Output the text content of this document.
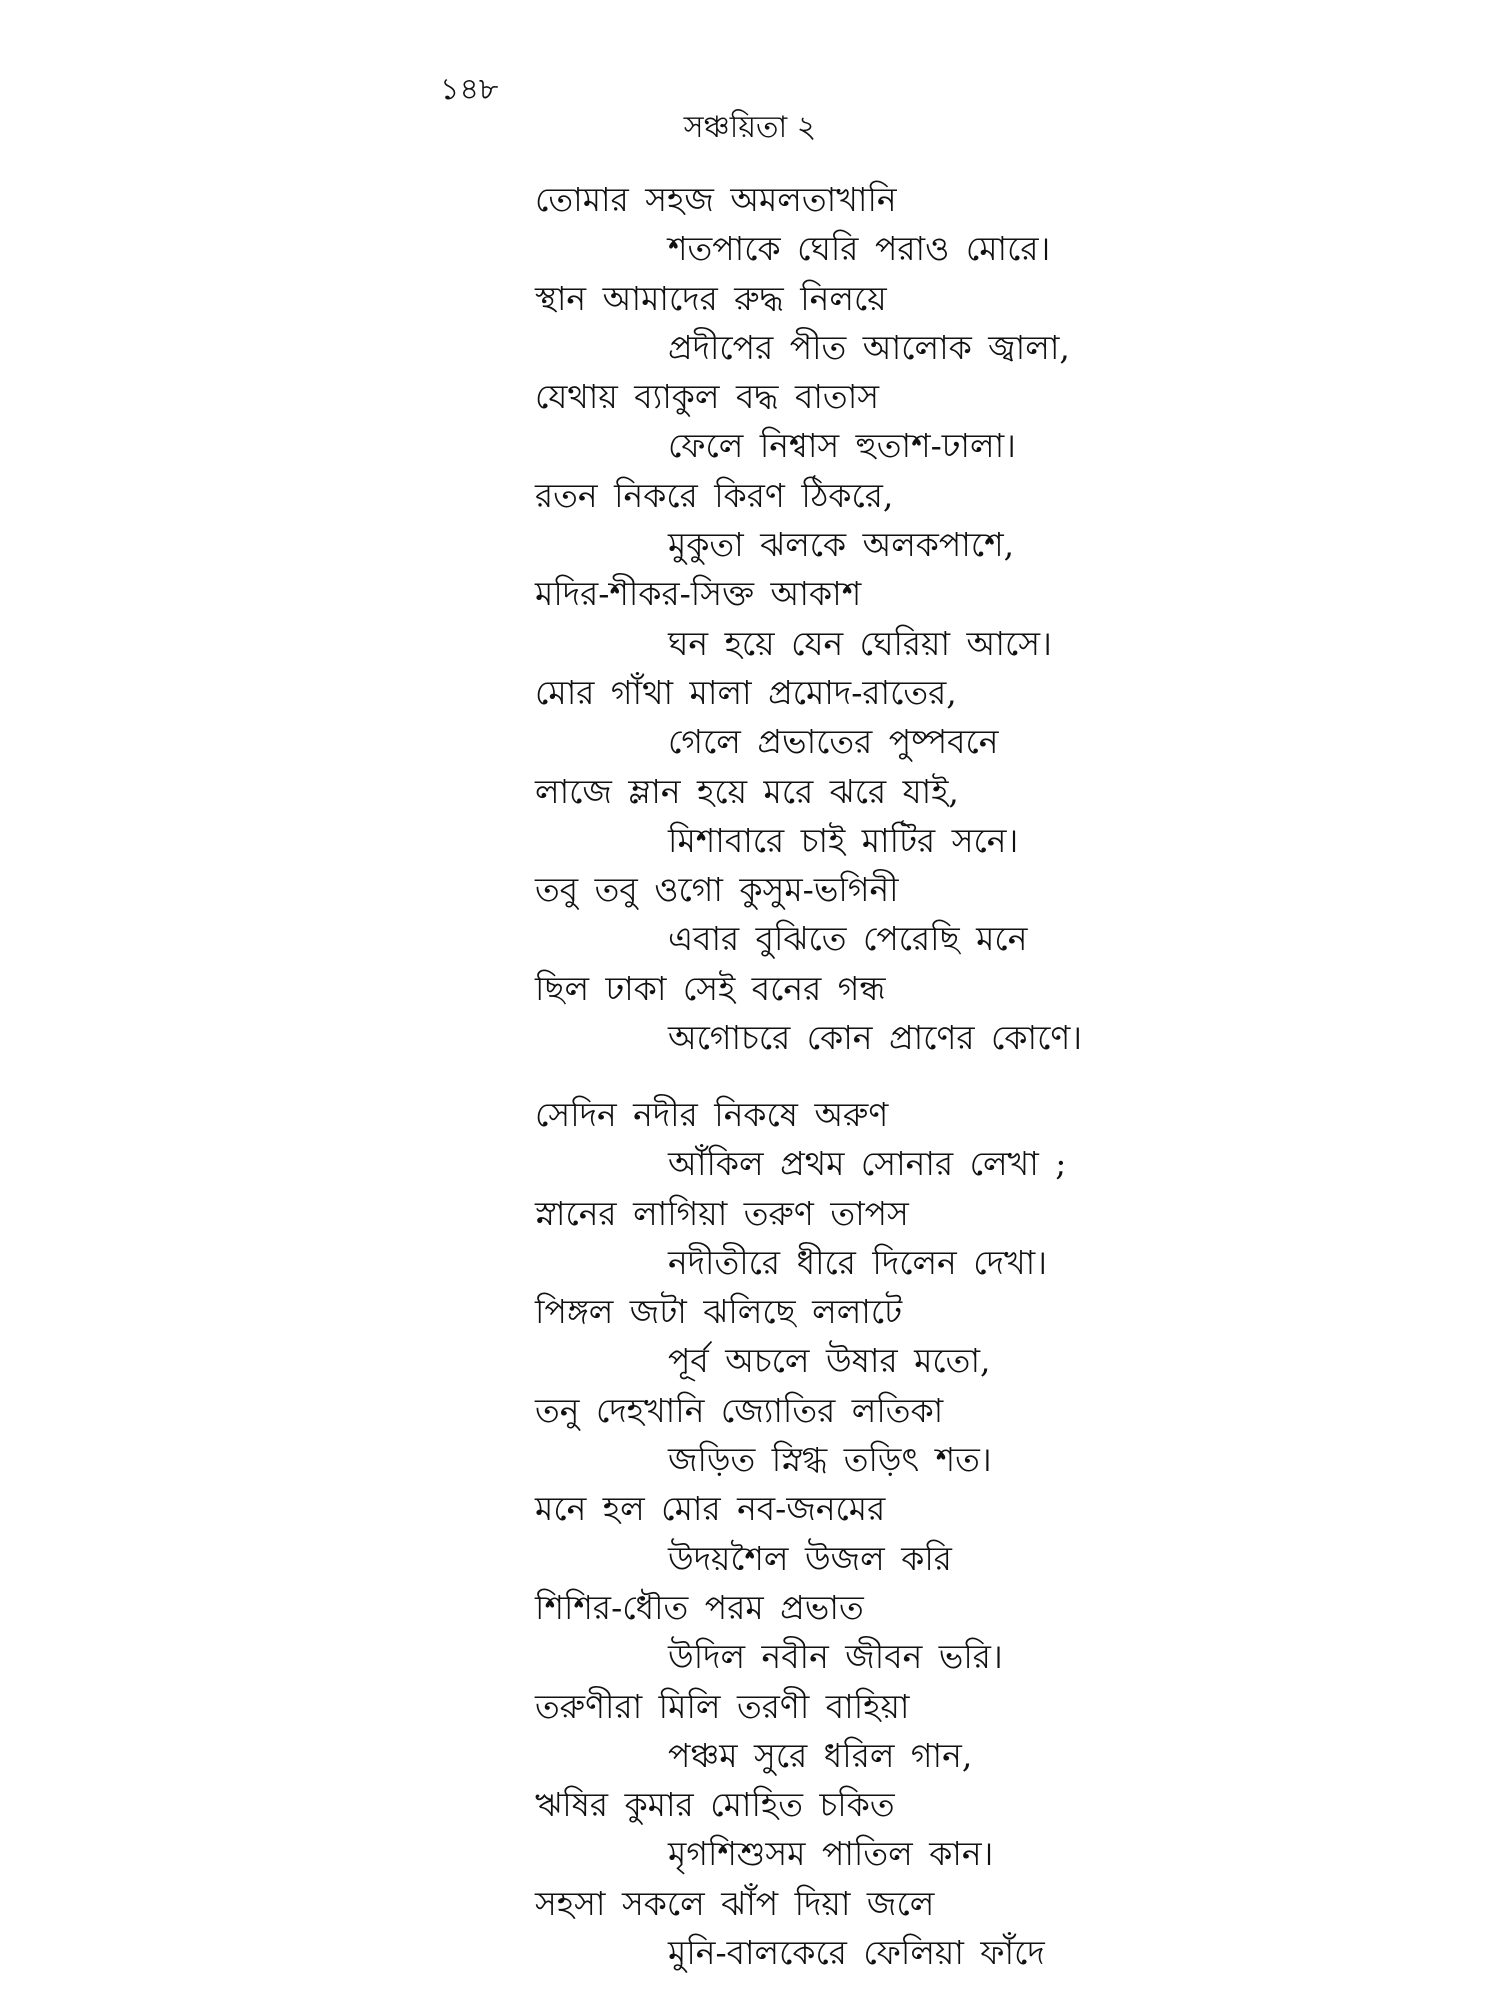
১৪৮
সঞ্চয়িতা ২
তোমার সহজ অমলতাখানি
শতপাকে ঘেরি পরাও মোরে।
স্থান আমাদের রুদ্ধ নিলয়ে
প্রদীপের পীত আলোক জ্বালা,
যেথায় ব্যাকুল বদ্ধ বাতাস
ফেলে নিশ্বাস হুতাশ-ঢালা।
রতন নিকরে কিরণ ঠিকরে,
মুকুতা ঝলকে অলকপাশে,
মদির-শীকর-সিক্ত আকাশ
ঘন হয়ে যেন ঘেরিয়া আসে।
মোর গাঁথা মালা প্রমোদ-রাতের,
গেলে প্রভাতের পুষ্পবনে
লাজে ম্লান হয়ে মরে ঝরে যাই,
মিশাবারে চাই মাটির সনে।
তবু তবু ওগো কুসুম-ভগিনী
এবার বুঝিতে পেরেছি মনে
ছিল ঢাকা সেই বনের গন্ধ
অগোচরে কোন প্রাণের কোণে।
সেদিন নদীর নিকষে অরুণ
আঁকিল প্রথম সোনার লেখা ;
স্নানের লাগিয়া তরুণ তাপস
নদীতীরে ধীরে দিলেন দেখা।
পিঙ্গল জটা ঝলিছে ললাটে
পূর্ব অচলে উষার মতো,
তনু দেহখানি জ্যোতির লতিকা
জড়িত স্নিগ্ধ তড়িৎ শত।
মনে হল মোর নব-জনমের
উদয়শৈল উজল করি
শিশির-ধৌত পরম প্রভাত
উদিল নবীন জীবন ভরি।
তরুণীরা মিলি তরণী বাহিয়া
পঞ্চম সুরে ধরিল গান,
ঋষির কুমার মোহিত চকিত
মৃগশিশুসম পাতিল কান।
সহসা সকলে ঝাঁপ দিয়া জলে
মুনি-বালকেরে ফেলিয়া ফাঁদে
